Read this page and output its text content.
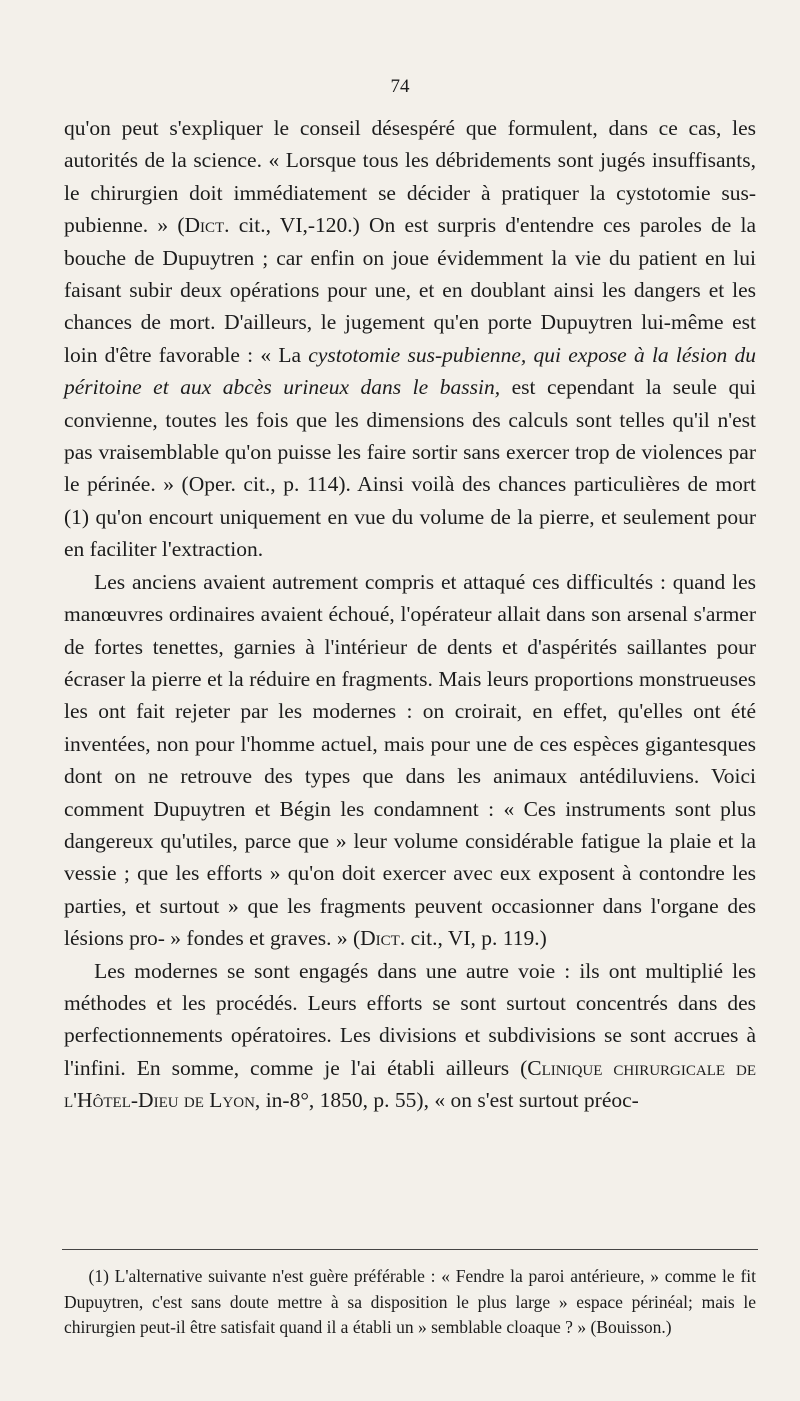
74

qu'on peut s'expliquer le conseil désespéré que formulent, dans ce cas, les autorités de la science. « Lorsque tous les débridements sont jugés insuffisants, le chirurgien doit immédiatement se décider à pratiquer la cystotomie sus-pubienne. » (Dict. cit., VI,-120.) On est surpris d'entendre ces paroles de la bouche de Dupuytren ; car enfin on joue évidemment la vie du patient en lui faisant subir deux opérations pour une, et en doublant ainsi les dangers et les chances de mort. D'ailleurs, le jugement qu'en porte Dupuytren lui-même est loin d'être favorable : « La cystotomie sus-pubienne, qui expose à la lésion du péritoine et aux abcès urineux dans le bassin, est cependant la seule qui convienne, toutes les fois que les dimensions des calculs sont telles qu'il n'est pas vraisemblable qu'on puisse les faire sortir sans exercer trop de violences par le périnée. » (Oper. cit., p. 114). Ainsi voilà des chances particulières de mort (1) qu'on encourt uniquement en vue du volume de la pierre, et seulement pour en faciliter l'extraction.

Les anciens avaient autrement compris et attaqué ces difficultés : quand les manœuvres ordinaires avaient échoué, l'opérateur allait dans son arsenal s'armer de fortes tenettes, garnies à l'intérieur de dents et d'aspérités saillantes pour écraser la pierre et la réduire en fragments. Mais leurs proportions monstrueuses les ont fait rejeter par les modernes : on croirait, en effet, qu'elles ont été inventées, non pour l'homme actuel, mais pour une de ces espèces gigantesques dont on ne retrouve des types que dans les animaux antédiluviens. Voici comment Dupuytren et Bégin les condamnent : « Ces instruments sont plus dangereux qu'utiles, parce que » leur volume considérable fatigue la plaie et la vessie ; que les efforts » qu'on doit exercer avec eux exposent à contondre les parties, et surtout » que les fragments peuvent occasionner dans l'organe des lésions pro- » fondes et graves. » (Dict. cit., VI, p. 119.)

Les modernes se sont engagés dans une autre voie : ils ont multiplié les méthodes et les procédés. Leurs efforts se sont surtout concentrés dans des perfectionnements opératoires. Les divisions et subdivisions se sont accrues à l'infini. En somme, comme je l'ai établi ailleurs (Clinique chirurgicale de l'Hôtel-Dieu de Lyon, in-8°, 1850, p. 55), « on s'est surtout préoc-

(1) L'alternative suivante n'est guère préférable : « Fendre la paroi antérieure, » comme le fit Dupuytren, c'est sans doute mettre à sa disposition le plus large » espace périnéal; mais le chirurgien peut-il être satisfait quand il a établi un » semblable cloaque ? » (Bouisson.)
